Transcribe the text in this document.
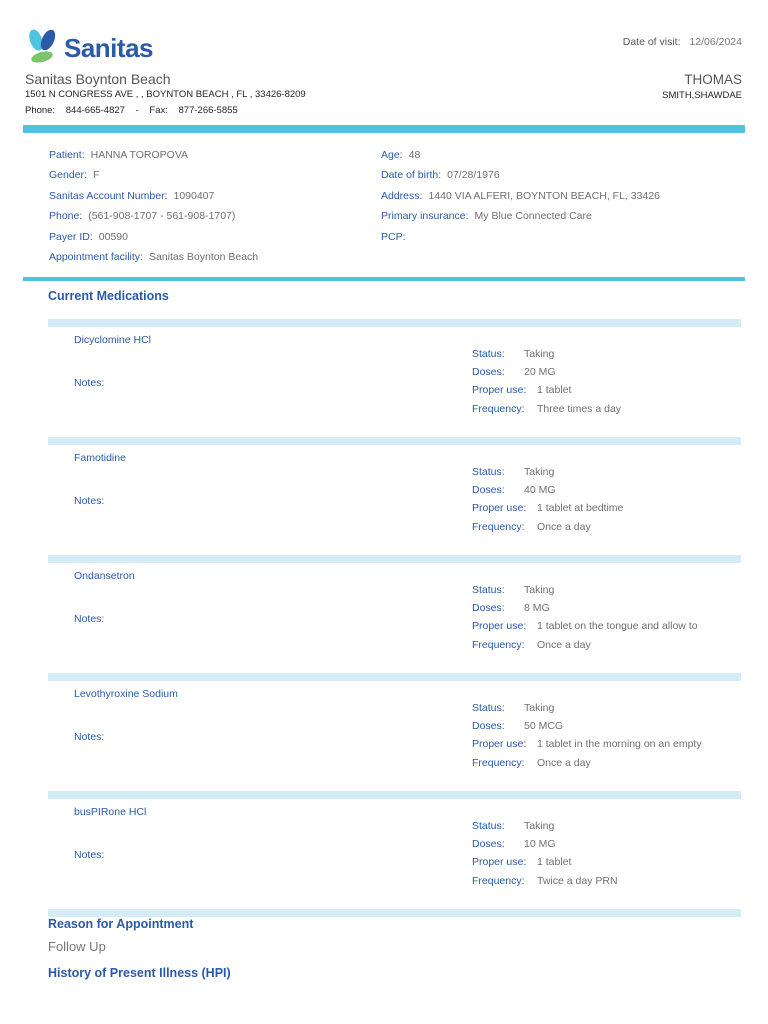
Sanitas
Sanitas Boynton Beach
1501 N CONGRESS AVE , , BOYNTON BEACH , FL , 33426-8209
Phone: 844-665-4827 - Fax: 877-266-5855
Date of visit: 12/06/2024
THOMAS
SMITH,SHAWDAE
Patient: HANNA TOROPOVA
Gender: F
Sanitas Account Number: 1090407
Phone: (561-908-1707 - 561-908-1707)
Payer ID: 00590
Appointment facility: Sanitas Boynton Beach
Age: 48
Date of birth: 07/28/1976
Address: 1440 VIA ALFERI, BOYNTON BEACH, FL, 33426
Primary insurance: My Blue Connected Care
PCP:
Current Medications
Dicyclomine HCl
Notes:
Status: Taking
Doses: 20 MG
Proper use: 1 tablet
Frequency: Three times a day
Famotidine
Notes:
Status: Taking
Doses: 40 MG
Proper use: 1 tablet at bedtime
Frequency: Once a day
Ondansetron
Notes:
Status: Taking
Doses: 8 MG
Proper use: 1 tablet on the tongue and allow to
Frequency: Once a day
Levothyroxine Sodium
Notes:
Status: Taking
Doses: 50 MCG
Proper use: 1 tablet in the morning on an empty
Frequency: Once a day
busPIRone HCl
Notes:
Status: Taking
Doses: 10 MG
Proper use: 1 tablet
Frequency: Twice a day PRN
Reason for Appointment
Follow Up
History of Present Illness (HPI)
